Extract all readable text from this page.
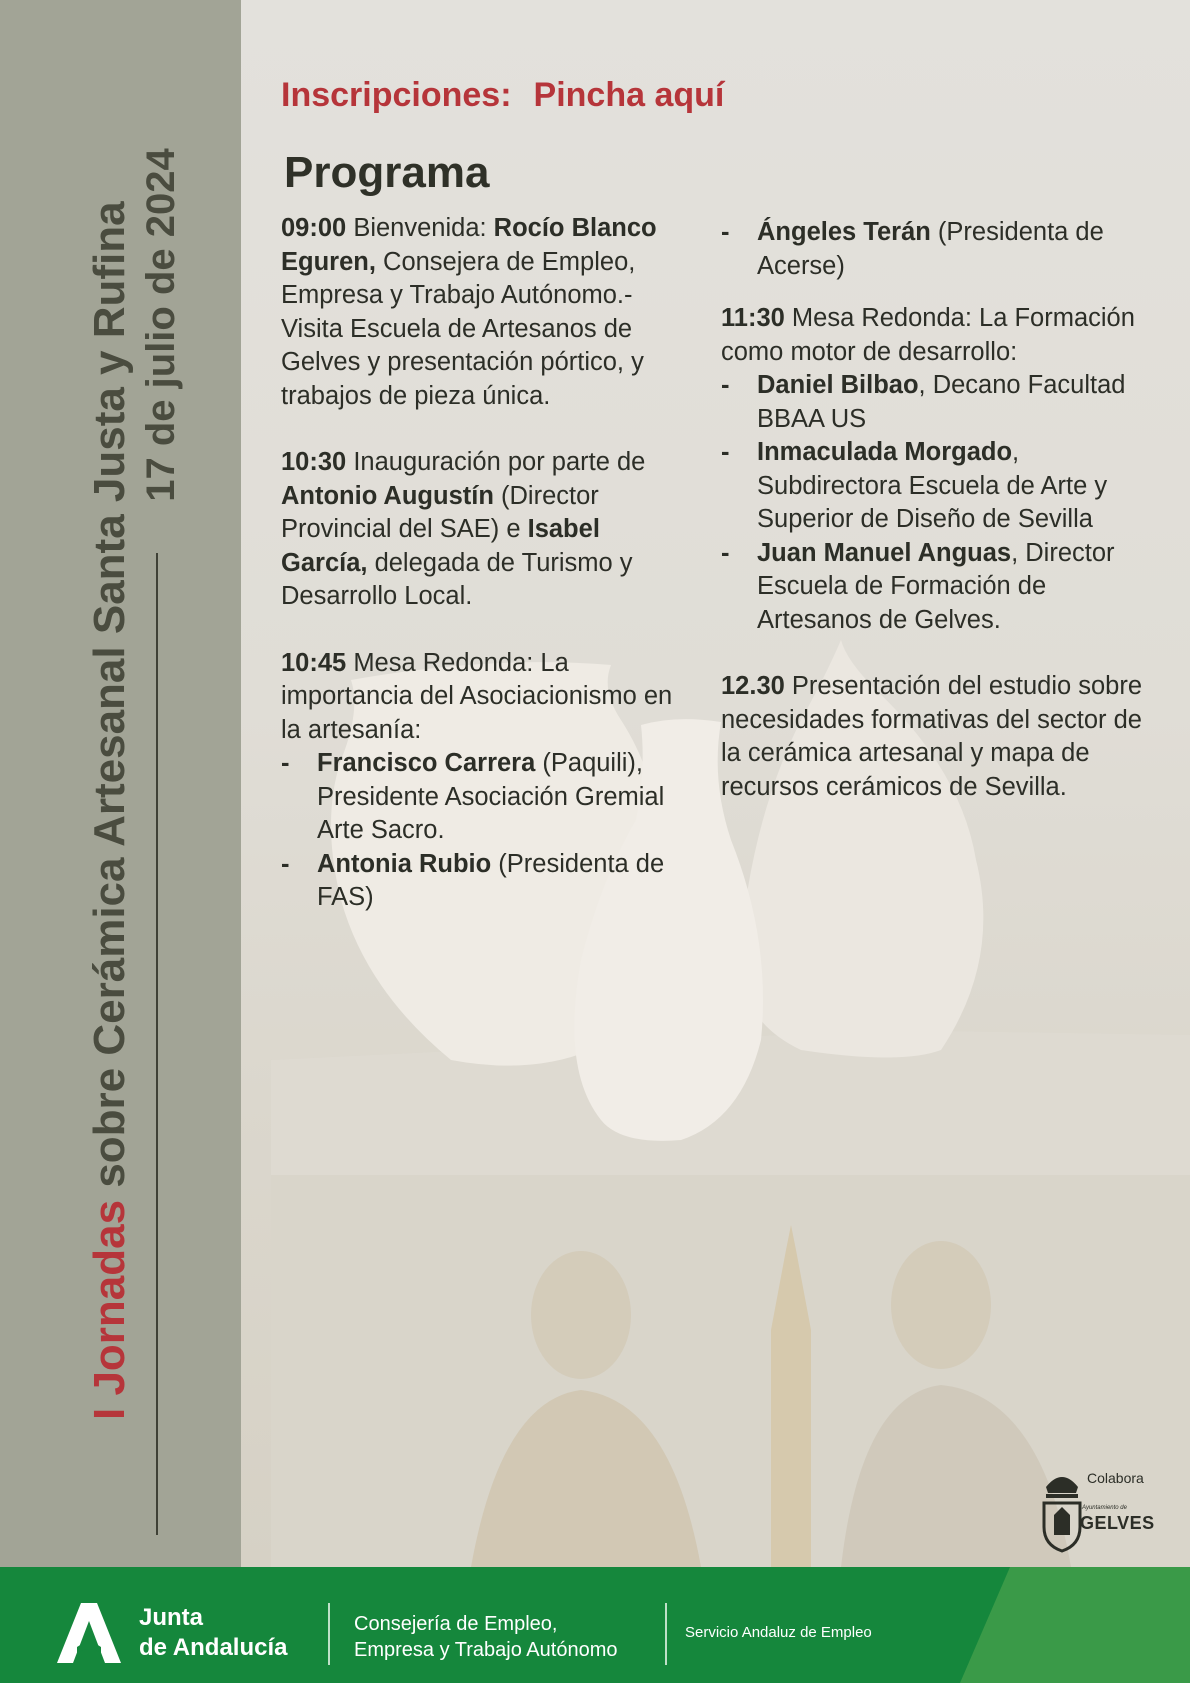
I Jornadas sobre Cerámica Artesanal Santa Justa y Rufina 17 de julio de 2024
Inscripciones: Pincha aquí
Programa

09:00 Bienvenida: Rocío Blanco Eguren, Consejera de Empleo, Empresa y Trabajo Autónomo.- Visita Escuela de Artesanos de Gelves y presentación pórtico, y trabajos de pieza única.

10:30 Inauguración por parte de Antonio Augustín (Director Provincial del SAE) e Isabel García, delegada de Turismo y Desarrollo Local.

10:45 Mesa Redonda: La importancia del Asociacionismo en la artesanía:
- Francisco Carrera (Paquili), Presidente Asociación Gremial Arte Sacro.
- Antonia Rubio (Presidenta de FAS)
- Ángeles Terán (Presidenta de Acerse)
11:30 Mesa Redonda: La Formación como motor de desarrollo:
- Daniel Bilbao, Decano Facultad BBAA US
- Inmaculada Morgado, Subdirectora Escuela de Arte y Superior de Diseño de Sevilla
- Juan Manuel Anguas, Director Escuela de Formación de Artesanos de Gelves.

12.30 Presentación del estudio sobre necesidades formativas del sector de la cerámica artesanal y mapa de recursos cerámicos de Sevilla.

Colabora
Ayuntamiento de
GELVES
Junta
de Andalucía
Consejería de Empleo,
Empresa y Trabajo Autónomo
Servicio Andaluz de Empleo
